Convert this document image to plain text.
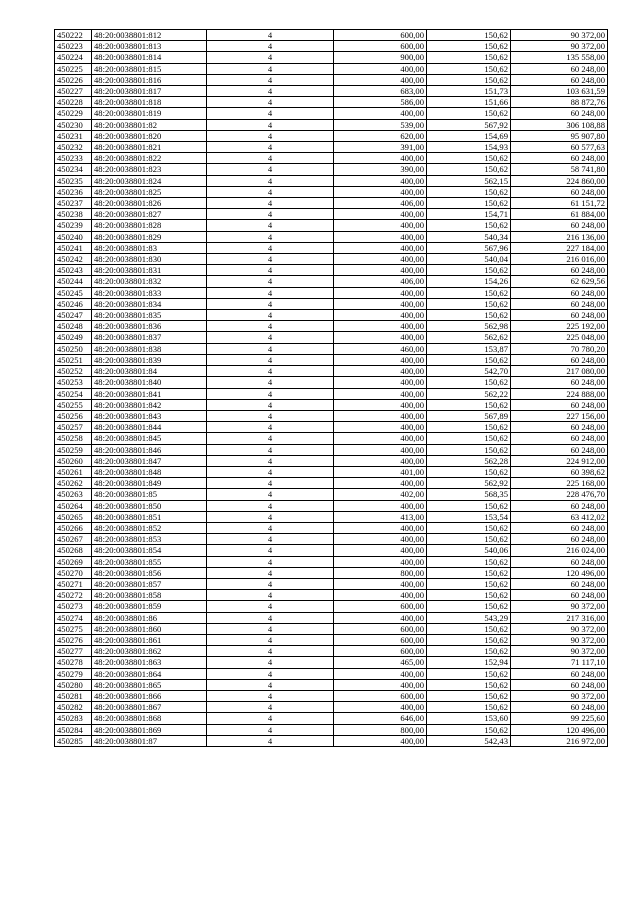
450222	48:20:0038801:812	4	600,00	150,62	90 372,00
450223	48:20:0038801:813	4	600,00	150,62	90 372,00
450224	48:20:0038801:814	4	900,00	150,62	135 558,00
450225	48:20:0038801:815	4	400,00	150,62	60 248,00
450226	48:20:0038801:816	4	400,00	150,62	60 248,00
450227	48:20:0038801:817	4	683,00	151,73	103 631,59
450228	48:20:0038801:818	4	586,00	151,66	88 872,76
450229	48:20:0038801:819	4	400,00	150,62	60 248,00
450230	48:20:0038801:82	4	539,00	567,92	306 108,88
450231	48:20:0038801:820	4	620,00	154,69	95 907,80
450232	48:20:0038801:821	4	391,00	154,93	60 577,63
450233	48:20:0038801:822	4	400,00	150,62	60 248,00
450234	48:20:0038801:823	4	390,00	150,62	58 741,80
450235	48:20:0038801:824	4	400,00	562,15	224 860,00
450236	48:20:0038801:825	4	400,00	150,62	60 248,00
450237	48:20:0038801:826	4	406,00	150,62	61 151,72
450238	48:20:0038801:827	4	400,00	154,71	61 884,00
450239	48:20:0038801:828	4	400,00	150,62	60 248,00
450240	48:20:0038801:829	4	400,00	540,34	216 136,00
450241	48:20:0038801:83	4	400,00	567,96	227 184,00
450242	48:20:0038801:830	4	400,00	540,04	216 016,00
450243	48:20:0038801:831	4	400,00	150,62	60 248,00
450244	48:20:0038801:832	4	406,00	154,26	62 629,56
450245	48:20:0038801:833	4	400,00	150,62	60 248,00
450246	48:20:0038801:834	4	400,00	150,62	60 248,00
450247	48:20:0038801:835	4	400,00	150,62	60 248,00
450248	48:20:0038801:836	4	400,00	562,98	225 192,00
450249	48:20:0038801:837	4	400,00	562,62	225 048,00
450250	48:20:0038801:838	4	460,00	153,87	70 780,20
450251	48:20:0038801:839	4	400,00	150,62	60 248,00
450252	48:20:0038801:84	4	400,00	542,70	217 080,00
450253	48:20:0038801:840	4	400,00	150,62	60 248,00
450254	48:20:0038801:841	4	400,00	562,22	224 888,00
450255	48:20:0038801:842	4	400,00	150,62	60 248,00
450256	48:20:0038801:843	4	400,00	567,89	227 156,00
450257	48:20:0038801:844	4	400,00	150,62	60 248,00
450258	48:20:0038801:845	4	400,00	150,62	60 248,00
450259	48:20:0038801:846	4	400,00	150,62	60 248,00
450260	48:20:0038801:847	4	400,00	562,28	224 912,00
450261	48:20:0038801:848	4	401,00	150,62	60 398,62
450262	48:20:0038801:849	4	400,00	562,92	225 168,00
450263	48:20:0038801:85	4	402,00	568,35	228 476,70
450264	48:20:0038801:850	4	400,00	150,62	60 248,00
450265	48:20:0038801:851	4	413,00	153,54	63 412,02
450266	48:20:0038801:852	4	400,00	150,62	60 248,00
450267	48:20:0038801:853	4	400,00	150,62	60 248,00
450268	48:20:0038801:854	4	400,00	540,06	216 024,00
450269	48:20:0038801:855	4	400,00	150,62	60 248,00
450270	48:20:0038801:856	4	800,00	150,62	120 496,00
450271	48:20:0038801:857	4	400,00	150,62	60 248,00
450272	48:20:0038801:858	4	400,00	150,62	60 248,00
450273	48:20:0038801:859	4	600,00	150,62	90 372,00
450274	48:20:0038801:86	4	400,00	543,29	217 316,00
450275	48:20:0038801:860	4	600,00	150,62	90 372,00
450276	48:20:0038801:861	4	600,00	150,62	90 372,00
450277	48:20:0038801:862	4	600,00	150,62	90 372,00
450278	48:20:0038801:863	4	465,00	152,94	71 117,10
450279	48:20:0038801:864	4	400,00	150,62	60 248,00
450280	48:20:0038801:865	4	400,00	150,62	60 248,00
450281	48:20:0038801:866	4	600,00	150,62	90 372,00
450282	48:20:0038801:867	4	400,00	150,62	60 248,00
450283	48:20:0038801:868	4	646,00	153,60	99 225,60
450284	48:20:0038801:869	4	800,00	150,62	120 496,00
450285	48:20:0038801:87	4	400,00	542,43	216 972,00
